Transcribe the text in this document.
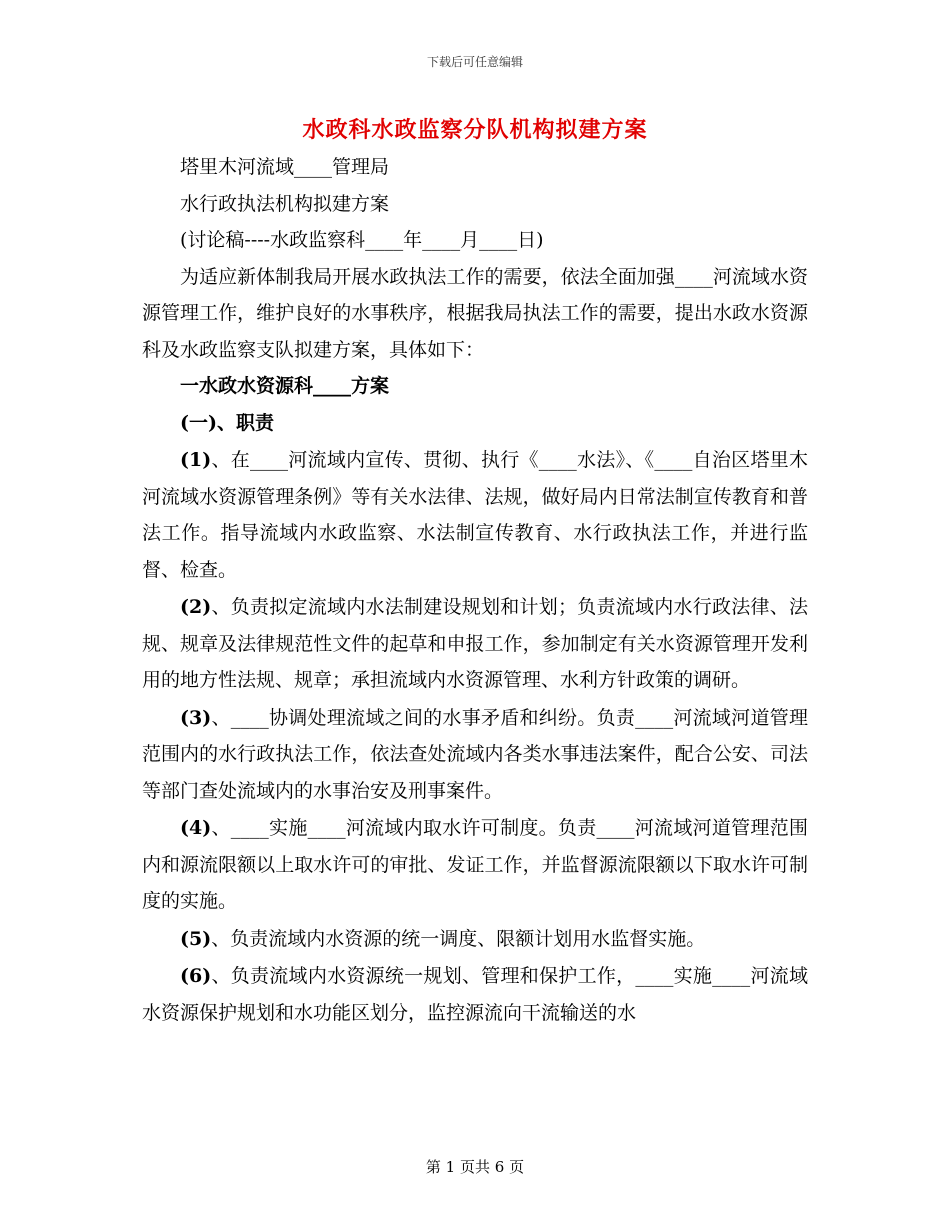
下载后可任意编辑
水政科水政监察分队机构拟建方案

塔里木河流域____管理局

水行政执法机构拟建方案

(讨论稿----水政监察科____年____月____日)

为适应新体制我局开展水政执法工作的需要，依法全面加强____河流域水资源管理工作，维护良好的水事秩序，根据我局执法工作的需要，提出水政水资源科及水政监察支队拟建方案，具体如下：

一水政水资源科____方案

(一)、职责

(1)、在____河流域内宣传、贯彻、执行《____水法》、《____自治区塔里木河流域水资源管理条例》等有关水法律、法规，做好局内日常法制宣传教育和普法工作。指导流域内水政监察、水法制宣传教育、水行政执法工作，并进行监督、检查。

(2)、负责拟定流域内水法制建设规划和计划；负责流域内水行政法律、法规、规章及法律规范性文件的起草和申报工作，参加制定有关水资源管理开发利用的地方性法规、规章；承担流域内水资源管理、水利方针政策的调研。

(3)、____协调处理流域之间的水事矛盾和纠纷。负责____河流域河道管理范围内的水行政执法工作，依法查处流域内各类水事违法案件，配合公安、司法等部门查处流域内的水事治安及刑事案件。

(4)、____实施____河流域内取水许可制度。负责____河流域河道管理范围内和源流限额以上取水许可的审批、发证工作，并监督源流限额以下取水许可制度的实施。

(5)、负责流域内水资源的统一调度、限额计划用水监督实施。

(6)、负责流域内水资源统一规划、管理和保护工作，____实施____河流域水资源保护规划和水功能区划分，监控源流向干流输送的水

第 1 页共 6 页
